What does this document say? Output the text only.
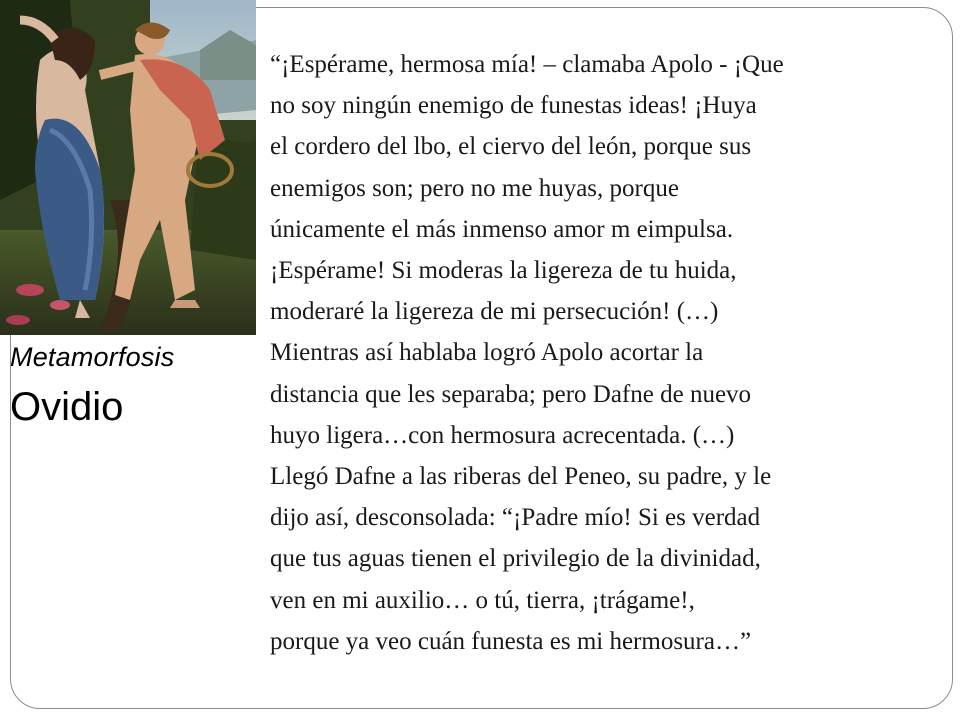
Metamorfosis
Ovidio

“¡Espérame, hermosa mía! – clamaba Apolo - ¡Que
no soy ningún enemigo de funestas ideas! ¡Huya
el cordero del lbo, el ciervo del león, porque sus
enemigos son; pero no me huyas, porque
únicamente el más inmenso amor m eimpulsa.
¡Espérame! Si moderas la ligereza de tu huida,
moderaré la ligereza de mi persecución! (…)
Mientras así hablaba logró Apolo acortar la
distancia que les separaba; pero Dafne de nuevo
huyo ligera…con hermosura acrecentada. (…)
Llegó Dafne a las riberas del Peneo, su padre, y le
dijo así, desconsolada: “¡Padre mío! Si es verdad
que tus aguas tienen el privilegio de la divinidad,
ven en mi auxilio… o tú, tierra, ¡trágame!,
porque ya veo cuán funesta es mi hermosura…”
